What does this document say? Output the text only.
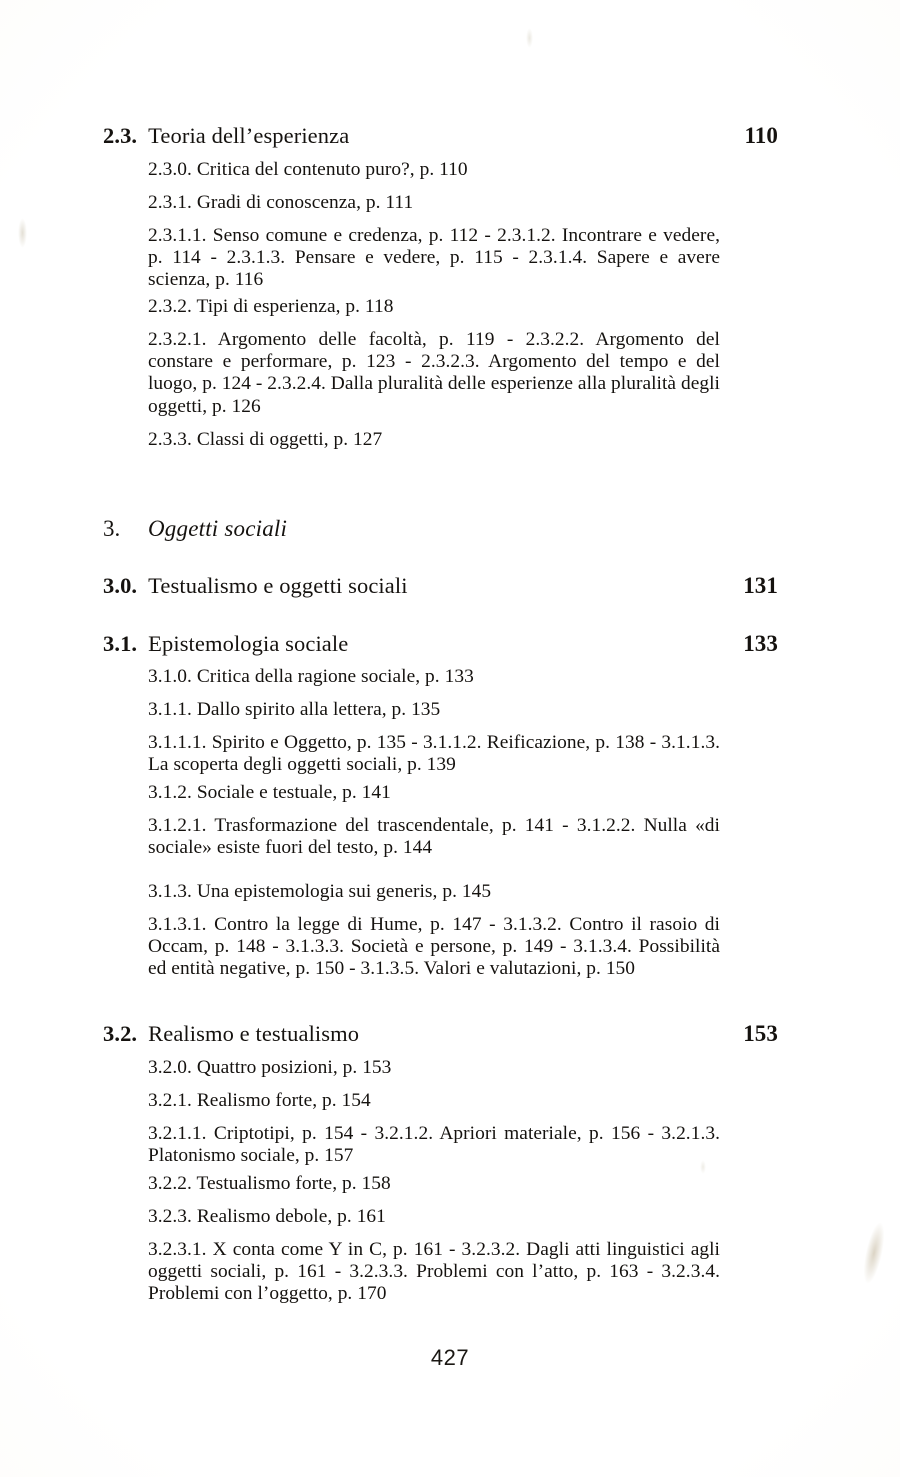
2.3. Teoria dell’esperienza	110
2.3.0. Critica del contenuto puro?, p. 110
2.3.1. Gradi di conoscenza, p. 111
2.3.1.1. Senso comune e credenza, p. 112 - 2.3.1.2. Incontrare e vedere, p. 114 - 2.3.1.3. Pensare e vedere, p. 115 - 2.3.1.4. Sapere e avere scienza, p. 116
2.3.2. Tipi di esperienza, p. 118
2.3.2.1. Argomento delle facoltà, p. 119 - 2.3.2.2. Argomento del constare e performare, p. 123 - 2.3.2.3. Argomento del tempo e del luogo, p. 124 - 2.3.2.4. Dalla pluralità delle esperienze alla pluralità degli oggetti, p. 126
2.3.3. Classi di oggetti, p. 127
3.	Oggetti sociali
3.0. Testualismo e oggetti sociali	131
3.1. Epistemologia sociale	133
3.1.0. Critica della ragione sociale, p. 133
3.1.1. Dallo spirito alla lettera, p. 135
3.1.1.1. Spirito e Oggetto, p. 135 - 3.1.1.2. Reificazione, p. 138 - 3.1.1.3. La scoperta degli oggetti sociali, p. 139
3.1.2. Sociale e testuale, p. 141
3.1.2.1. Trasformazione del trascendentale, p. 141 - 3.1.2.2. Nulla «di sociale» esiste fuori del testo, p. 144
3.1.3. Una epistemologia sui generis, p. 145
3.1.3.1. Contro la legge di Hume, p. 147 - 3.1.3.2. Contro il rasoio di Occam, p. 148 - 3.1.3.3. Società e persone, p. 149 - 3.1.3.4. Possibilità ed entità negative, p. 150 - 3.1.3.5. Valori e valutazioni, p. 150
3.2. Realismo e testualismo	153
3.2.0. Quattro posizioni, p. 153
3.2.1. Realismo forte, p. 154
3.2.1.1. Criptotipi, p. 154 - 3.2.1.2. Apriori materiale, p. 156 - 3.2.1.3. Platonismo sociale, p. 157
3.2.2. Testualismo forte, p. 158
3.2.3. Realismo debole, p. 161
3.2.3.1. X conta come Y in C, p. 161 - 3.2.3.2. Dagli atti linguistici agli oggetti sociali, p. 161 - 3.2.3.3. Problemi con l’atto, p. 163 - 3.2.3.4. Problemi con l’oggetto, p. 170
427
